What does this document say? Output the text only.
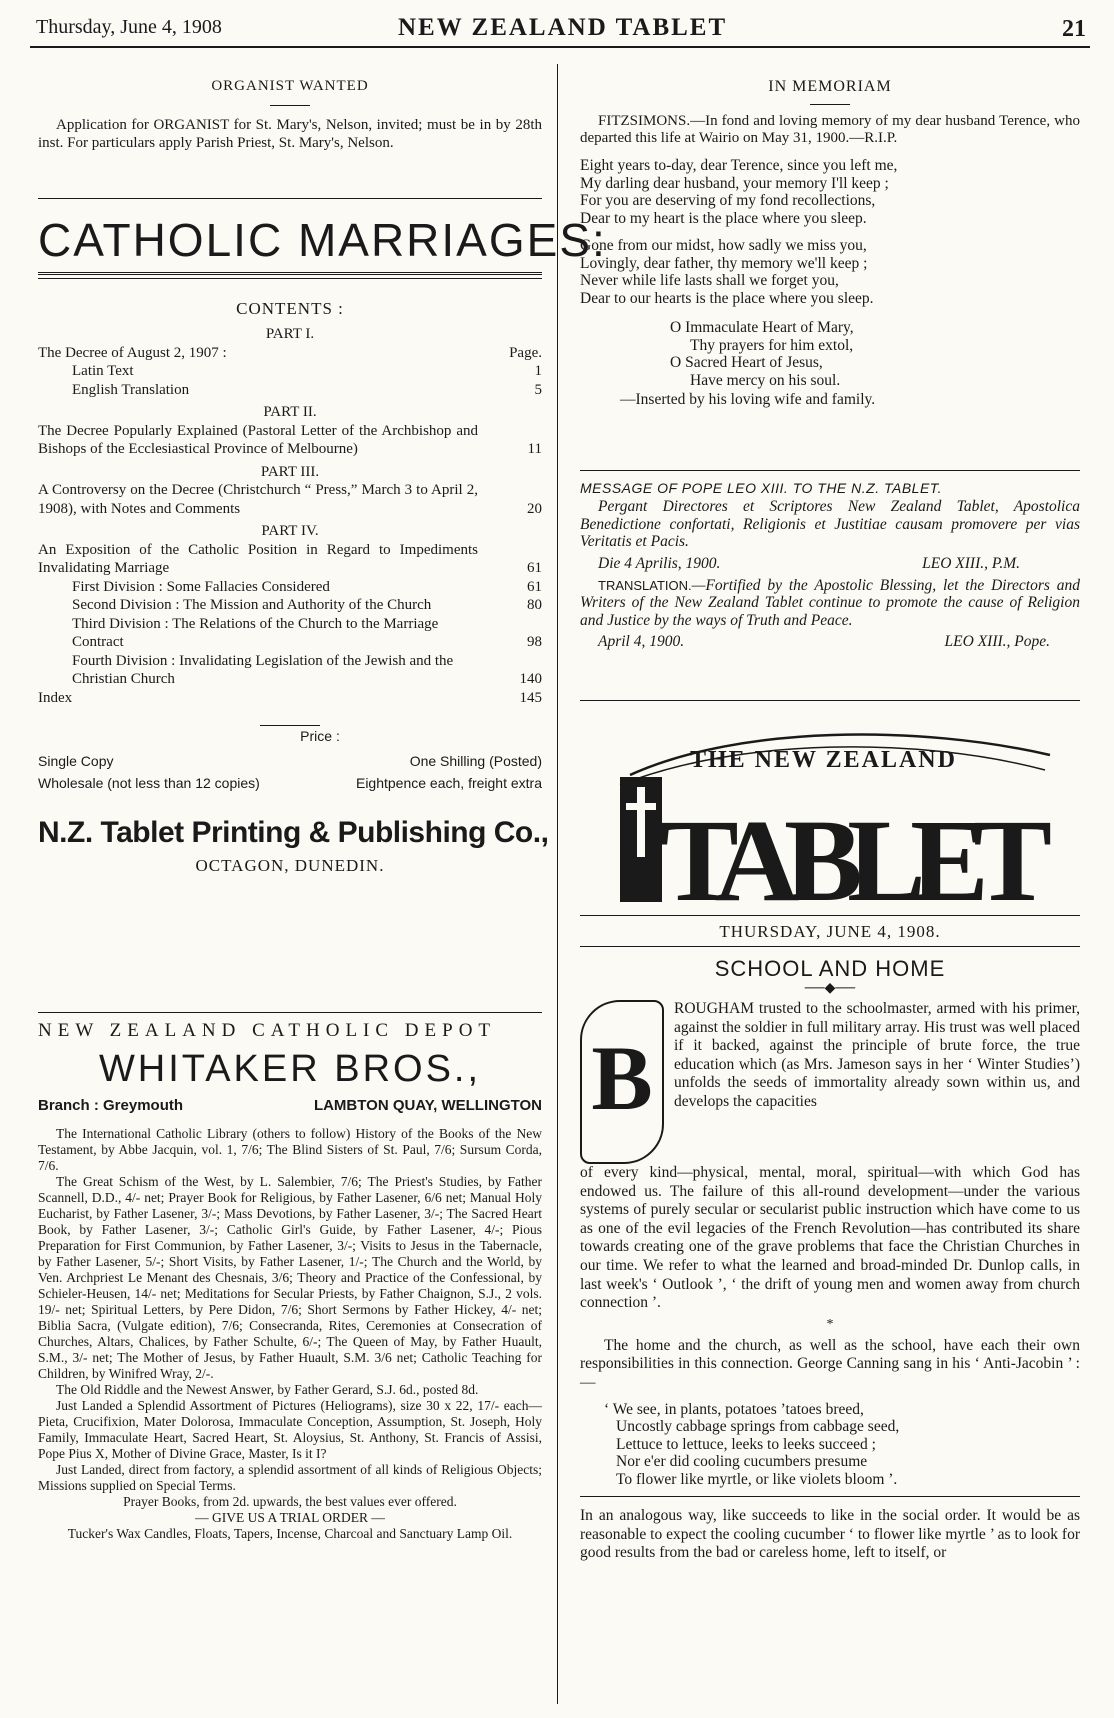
Thursday, June 4, 1908	NEW ZEALAND TABLET	21
ORGANIST WANTED

Application for ORGANIST for St. Mary's, Nelson, invited; must be in by 28th inst. For particulars apply Parish Priest, St. Mary's, Nelson.

CATHOLIC MARRIAGES:
CONTENTS :
PART I.
The Decree of August 2, 1907 :	Page.
Latin Text	1
English Translation	5
PART II.
The Decree Popularly Explained (Pastoral Letter of the Archbishop and Bishops of the Ecclesiastical Province of Melbourne)	11
PART III.
A Controversy on the Decree (Christchurch “ Press,” March 3 to April 2, 1908), with Notes and Comments	20
PART IV.
An Exposition of the Catholic Position in Regard to Impediments Invalidating Marriage	61
First Division : Some Fallacies Considered	61
Second Division : The Mission and Authority of the Church	80
Third Division : The Relations of the Church to the Marriage Contract	98
Fourth Division : Invalidating Legislation of the Jewish and the Christian Church	140
Index	145
Price :
Single Copy	One Shilling (Posted)
Wholesale (not less than 12 copies)	Eightpence each, freight extra
N.Z. Tablet Printing & Publishing Co.,
OCTAGON, DUNEDIN.
NEW ZEALAND CATHOLIC DEPOT
WHITAKER BROS.,
Branch : Greymouth	LAMBTON QUAY, WELLINGTON

The International Catholic Library (others to follow) History of the Books of the New Testament, by Abbe Jacquin, vol. 1, 7/6; The Blind Sisters of St. Paul, 7/6; Sursum Corda, 7/6.

The Great Schism of the West, by L. Salembier, 7/6; The Priest's Studies, by Father Scannell, D.D., 4/- net; Prayer Book for Religious, by Father Lasener, 6/6 net; Manual Holy Eucharist, by Father Lasener, 3/-; Mass Devotions, by Father Lasener, 3/-; The Sacred Heart Book, by Father Lasener, 3/-; Catholic Girl's Guide, by Father Lasener, 4/-; Pious Preparation for First Communion, by Father Lasener, 3/-; Visits to Jesus in the Tabernacle, by Father Lasener, 5/-; Short Visits, by Father Lasener, 1/-; The Church and the World, by Ven. Archpriest Le Menant des Chesnais, 3/6; Theory and Practice of the Confessional, by Schieler-Heusen, 14/- net; Meditations for Secular Priests, by Father Chaignon, S.J., 2 vols. 19/- net; Spiritual Letters, by Pere Didon, 7/6; Short Sermons by Father Hickey, 4/- net; Biblia Sacra, (Vulgate edition), 7/6; Consecranda, Rites, Ceremonies at Consecration of Churches, Altars, Chalices, by Father Schulte, 6/-; The Queen of May, by Father Huault, S.M., 3/- net; The Mother of Jesus, by Father Huault, S.M. 3/6 net; Catholic Teaching for Children, by Winifred Wray, 2/-.

The Old Riddle and the Newest Answer, by Father Gerard, S.J. 6d., posted 8d.

Just Landed a Splendid Assortment of Pictures (Heliograms), size 30 x 22, 17/- each—Pieta, Crucifixion, Mater Dolorosa, Immaculate Conception, Assumption, St. Joseph, Holy Family, Immaculate Heart, Sacred Heart, St. Aloysius, St. Anthony, St. Francis of Assisi, Pope Pius X, Mother of Divine Grace, Master, Is it I?

Just Landed, direct from factory, a splendid assortment of all kinds of Religious Objects; Missions supplied on Special Terms.

Prayer Books, from 2d. upwards, the best values ever offered.

— GIVE US A TRIAL ORDER —

Tucker's Wax Candles, Floats, Tapers, Incense, Charcoal and Sanctuary Lamp Oil.

IN MEMORIAM

FITZSIMONS.—In fond and loving memory of my dear husband Terence, who departed this life at Wairio on May 31, 1900.—R.I.P.

Eight years to-day, dear Terence, since you left me,
My darling dear husband, your memory I'll keep ;
For you are deserving of my fond recollections,
Dear to my heart is the place where you sleep.
Gone from our midst, how sadly we miss you,
Lovingly, dear father, thy memory we'll keep ;
Never while life lasts shall we forget you,
Dear to our hearts is the place where you sleep.
O Immaculate Heart of Mary,
Thy prayers for him extol,
O Sacred Heart of Jesus,
Have mercy on his soul.
—Inserted by his loving wife and family.
MESSAGE OF POPE LEO XIII. TO THE N.Z. TABLET.

Pergant Directores et Scriptores New Zealand Tablet, Apostolica Benedictione confortati, Religionis et Justitiae causam promovere per vias Veritatis et Pacis.

Die 4 Aprilis, 1900.	LEO XIII., P.M.

TRANSLATION.—Fortified by the Apostolic Blessing, let the Directors and Writers of the New Zealand Tablet continue to promote the cause of Religion and Justice by the ways of Truth and Peace.

April 4, 1900.	LEO XIII., Pope.
THE NEW ZEALAND
TABLET
THURSDAY, JUNE 4, 1908.
SCHOOL AND HOME
──◆──
B

ROUGHAM trusted to the schoolmaster, armed with his primer, against the soldier in full military array. His trust was well placed if it backed, against the principle of brute force, the true education which (as Mrs. Jameson says in her ‘ Winter Studies’) unfolds the seeds of immortality already sown within us, and develops the capacities

of every kind—physical, mental, moral, spiritual—with which God has endowed us. The failure of this all-round development—under the various systems of purely secular or secularist public instruction which have come to us as one of the evil legacies of the French Revolution—has contributed its share towards creating one of the grave problems that face the Christian Churches in our time. We refer to what the learned and broad-minded Dr. Dunlop calls, in last week's ‘ Outlook ’, ‘ the drift of young men and women away from church connection ’.

*

The home and the church, as well as the school, have each their own responsibilities in this connection. George Canning sang in his ‘ Anti-Jacobin ’ :—

‘ We see, in plants, potatoes ’tatoes breed,
Uncostly cabbage springs from cabbage seed,
Lettuce to lettuce, leeks to leeks succeed ;
Nor e'er did cooling cucumbers presume
To flower like myrtle, or like violets bloom ’.

In an analogous way, like succeeds to like in the social order. It would be as reasonable to expect the cooling cucumber ‘ to flower like myrtle ’ as to look for good results from the bad or careless home, left to itself, or
